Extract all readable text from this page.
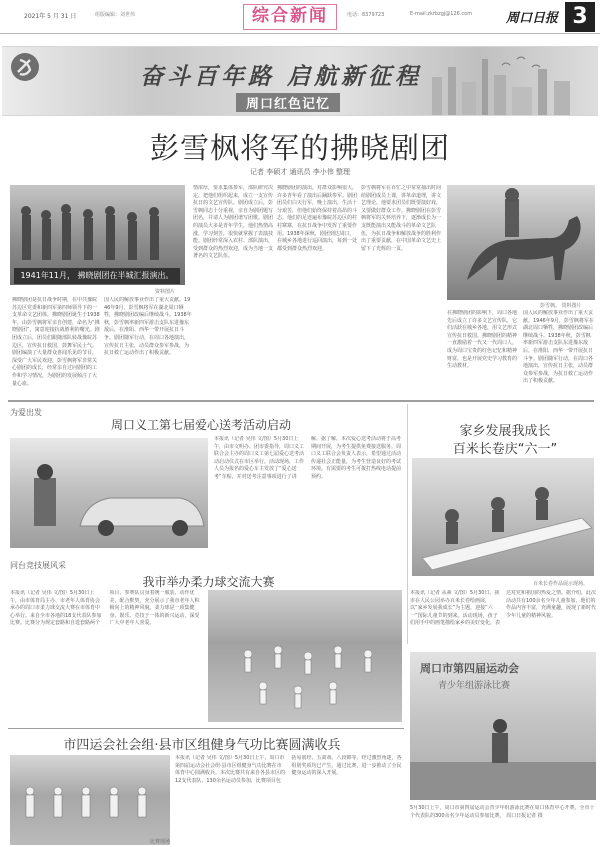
2021年 5 月 31 日	组版编辑：刘世伟	综合新闻	电话：8379723	E-mail:zkrbzgj@126.com	周口日报 3
奋斗百年路 启航新征程
周口红色记忆
彭雪枫将军的拂晓剧团
记者 李硕才 通讯员 李小伟 整理
1941年11月， 拂晓剧团在半城汇报演出。
资料图片
拂晓剧团是抗日战争时期，在中共豫皖苏边区党委和新四军第四师领导下的一支革命文艺团体。拂晓剧团诞生于1938年，由彭雪枫将军亲自创建，命名为“拂晓剧团”，寓意迎接抗战胜利的曙光。剧团成立后，团员们跟随部队转战豫皖苏边区，宣传抗日救国，鼓舞军民士气。剧团编演了大量群众喜闻乐见的节目，深受广大军民欢迎。彭雪枫将军非常关心剧团的成长，经常亲自过问剧团的工作和学习情况，为剧团的发展倾注了大量心血。
国人民的解放事业作出了重大贡献。1946年9月，彭雪枫将军在湖北周口牺牲，拂晓剧团改编后继续战斗。1938年秋，彭雪枫率新四军游击支队东进豫东敌后，在淮阳、西华一带开展抗日斗争。剧团随军行动，在周口各地演出，宣传抗日主张，动员群众参军参战，为抗日救亡运动作出了积极贡献。
情浓厚，要求集体参军，部队研究决定，把他们组织起来，成立一支宣传抗日的文艺宣传队。剧团成立后，彭雪枫同志十分重视，亲自为剧团题写团名，并请人为剧团谱写团歌。剧团的演员大多是青年学生，他们热情高涨，学习刻苦，很快就掌握了表演技能。剧团经常深入农村、部队演出，受到群众的热烈欢迎，成为当地一支著名的文艺队伍。
拂晓剧团的演出，对群众影响很大，许多青年看了演出后踊跃参军。剧团团员们白天行军，晚上演出，生活十分艰苦，但他们始终保持着高昂的斗志。他们的足迹遍布豫皖苏边区的村村寨寨，在抗日战争中发挥了重要作用。1938年深秋，剧团到达周口，在城乡各地进行巡回演出，每到一处都受到群众热烈欢迎。
彭雪枫将军在百忙之中常常抽出时间给剧团成员上课，讲革命道理，讲文艺理论。他要求团员们既要演好戏，又要做好群众工作。拂晓剧团在彭雪枫将军的关怀培养下，逐渐成长为一支既能演出又能战斗的革命文艺队伍，为抗日战争和解放战争的胜利作出了重要贡献，在中国革命文艺史上留下了光辉的一页。
彭雪枫。 资料图片
在拂晓剧团的影响下，周口各地先后成立了许多文艺宣传队，它们活跃在城乡各地，用文艺形式宣传抗日救国。拂晓剧团的精神一直激励着一代又一代周口人，成为周口宝贵的红色记忆和精神财富，也是开展党史学习教育的生动教材。
国人民的解放事业作出了重大贡献。1946年9月，彭雪枫将军在湖北周口牺牲，拂晓剧团改编后继续战斗。1938年秋，彭雪枫率新四军游击支队东进豫东敌后，在淮阳、西华一带开展抗日斗争。剧团随军行动，在周口各地演出，宣传抗日主张，动员群众参军参战，为抗日救亡运动作出了积极贡献。
为爱出发
周口义工第七届爱心送考活动启动
本报讯（记者 吴伟 文/图）5月30日上午，由市文明办、团市委指导，周口义工联合会主办的周口义工第七届爱心送考活动启动仪式在市区举行。活动现场，工作人员为报名的爱心车主发放了“爱心送考”车贴，并对送考注意事项进行了讲解。据了解，本次爱心送考活动将于高考期间开展，为考生提供免费接送服务。周口义工联合会负责人表示，希望通过活动传递社会正能量，为考生营造良好的考试环境。有需要的考生可拨打热线电话提前预约。
家乡发展我成长
百米长卷庆“六一”
百米长卷作品展示现场。
本报讯（记者 从素 文/图）5月30日，我市在人民公园举办百米长卷绘画展，以“家乡发展我成长”为主题，迎接“六一”国际儿童节的到来。活动现场，孩子们用手中的画笔描绘家乡的美好变化，表达对党和祖国的热爱之情。据介绍，此次活动共有100余名少年儿童参加，他们的作品内容丰富，充满童趣，展现了新时代少年儿童的精神风貌。
同台竞技展风采
我市举办柔力球交流大赛
本报讯（记者 吴伟 文/图）5月30日上午，由市体育局主办、市老年人体育协会承办的周口市柔力球交流大赛在市体育中心举行。来自全市各地的18支代表队参加比赛。比赛分为规定套路和自选套路两个项目，参赛队员身着统一服装，动作优美，配合默契，充分展示了我市老年人积极向上的精神风貌。柔力球是一项集健身、娱乐、竞技于一体的新兴运动，深受广大中老年人喜爱。
市四运会社会组·县市区组健身气功比赛圆满收兵
比赛现场
本报讯（记者 吴伟 文/图）5月30日上午，周口市第四届运动会社会组·县市区组健身气功比赛在市体育中心圆满收兵。本次比赛共有来自各县市区的12支代表队、130余名运动员参加，比赛项目包括易筋经、五禽戏、八段锦等。经过激烈角逐，各组别奖项均已产生。通过比赛，进一步推动了全民健身运动的深入开展。
周口市第四届运动会
青少年组游泳比赛
5月30日上午，周口市第四届运动会青少年组游泳比赛在周口体育中心开赛。全市十个代表队的300余名少年运动员参加比赛。 周口日报记者 摄
